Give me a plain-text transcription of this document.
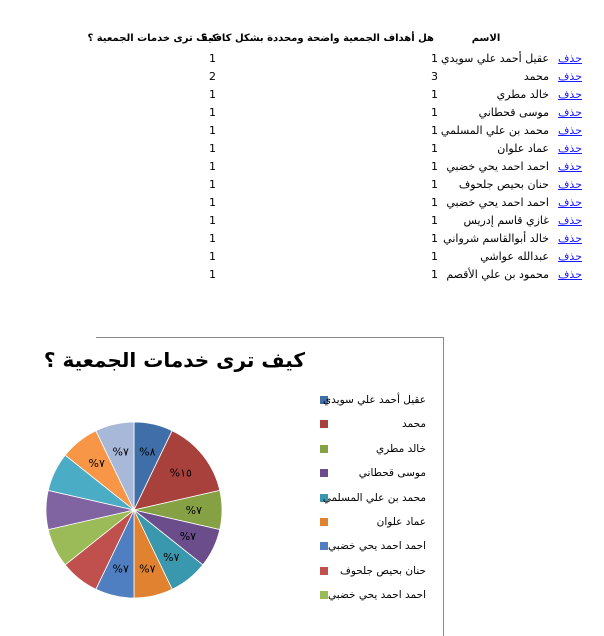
الاسم
هل أهداف الجمعية واضحة ومحددة بشكل كاف ؟
كيف ترى خدمات الجمعية ؟
حذف
عقيل أحمد علي سويدي
1
1
حذف
محمد
3
2
حذف
خالد مطري
1
1
حذف
موسى قحطاني
1
1
حذف
محمد بن علي المسلمي
1
1
حذف
عماد علوان
1
1
حذف
احمد احمد يحي خضبي
1
1
حذف
حنان بحيص جلحوف
1
1
حذف
احمد احمد يحي خضبي
1
1
حذف
غازي قاسم إدريس
1
1
حذف
خالد أبوالقاسم شرواني
1
1
حذف
عبدالله عواشي
1
1
حذف
محمود بن علي الأقصم
1
1
%٨
%١٥
%٧
%٧
%٧
%٧
%٧
%٧
%٧
كيف ترى خدمات الجمعية ؟
عقيل أحمد علي سويدي
محمد
خالد مطري
موسى قحطاني
محمد بن علي المسلمي
عماد علوان
احمد احمد يحي خضبي
حنان بحيص جلحوف
احمد احمد يحي خضبي
